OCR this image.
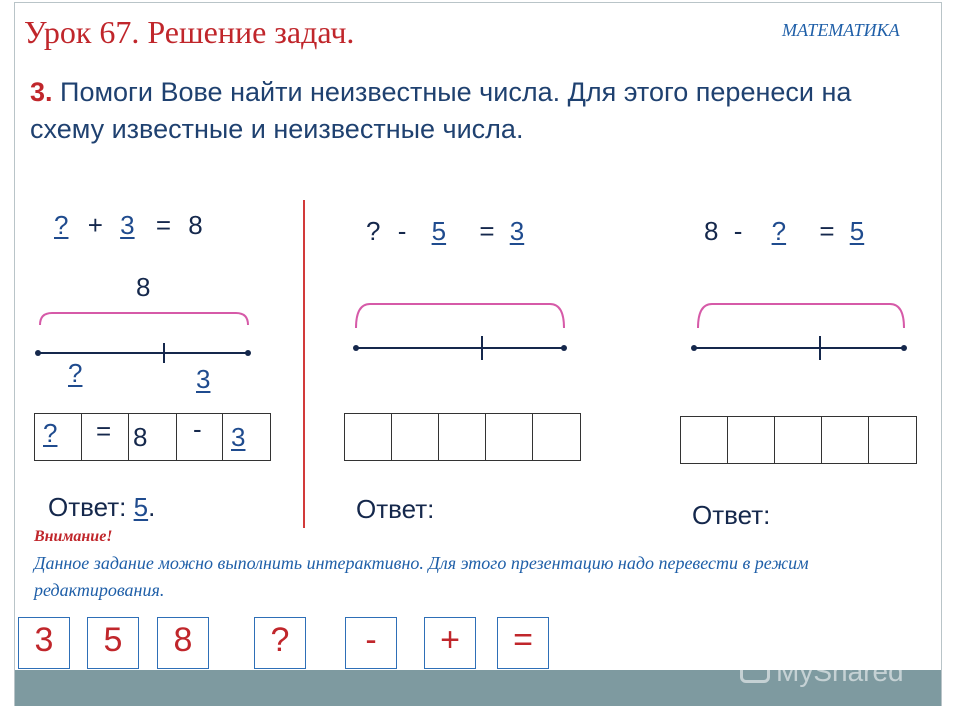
Урок 67. Решение задач.	МАТЕМАТИКА
3. Помоги Вове найти неизвестные числа. Для этого перенеси на схему известные и неизвестные числа.
? + 3 = 8
8
?	3
?	= 8	-	3
Ответ: 5.
? - 5 = 3
Ответ:
8 - ? = 5
Ответ:
Внимание!
Данное задание можно выполнить интерактивно. Для этого презентацию надо перевести в режим редактирования.
3	5	8	?	-	+	=
MyShared
